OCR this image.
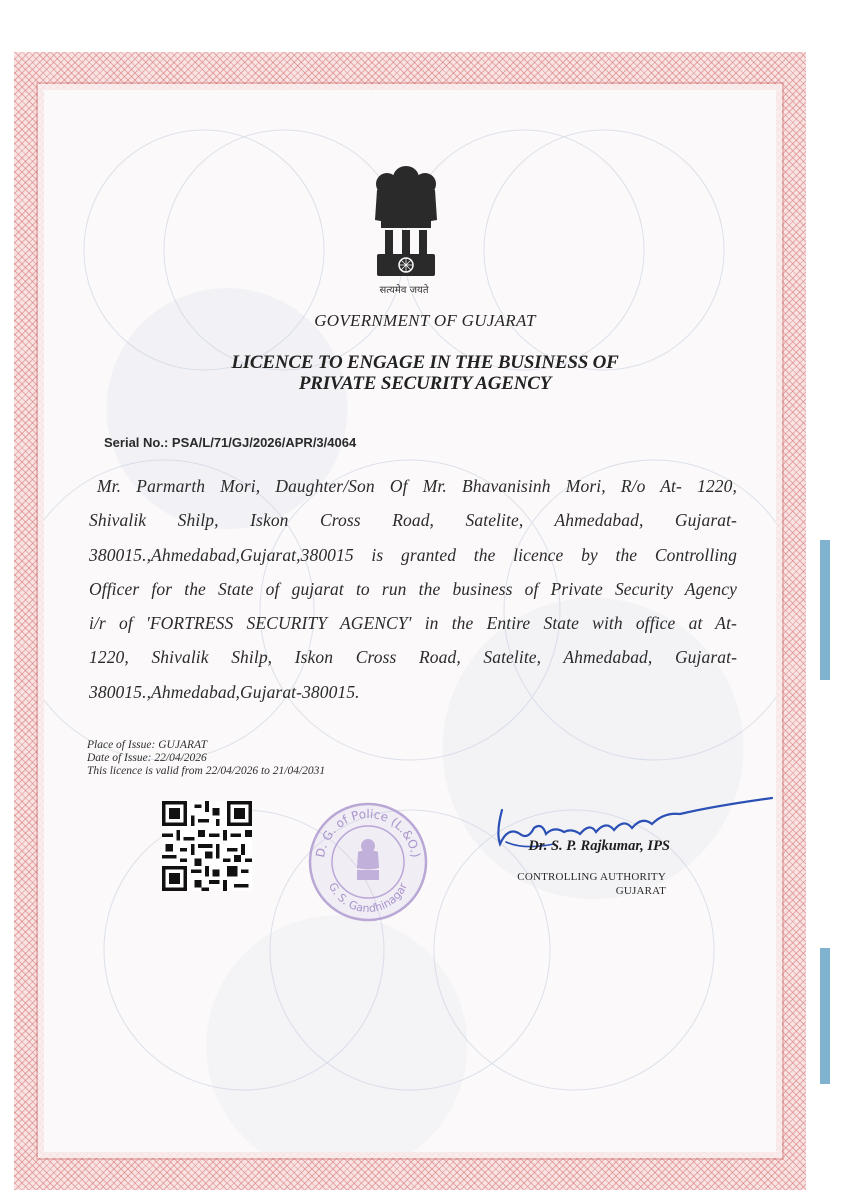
सत्यमेव जयते
GOVERNMENT OF GUJARAT
LICENCE TO ENGAGE IN THE BUSINESS OF
PRIVATE SECURITY AGENCY
Serial No.: PSA/L/71/GJ/2026/APR/3/4064
Mr. Parmarth Mori, Daughter/Son Of Mr. Bhavanisinh Mori, R/o At- 1220,
Shivalik Shilp, Iskon Cross Road, Satelite, Ahmedabad, Gujarat-
380015.,Ahmedabad,Gujarat,380015 is granted the licence by the Controlling
Officer for the State of gujarat to run the business of Private Security Agency
i/r of 'FORTRESS SECURITY AGENCY' in the Entire State with office at At-
1220, Shivalik Shilp, Iskon Cross Road, Satelite, Ahmedabad, Gujarat-
380015.,Ahmedabad,Gujarat-380015.
Place of Issue: GUJARAT
Date of Issue: 22/04/2026
This licence is valid from 22/04/2026 to 21/04/2031
D. G. of Police (L.&O.)
G. S. Gandhinagar
Dr. S. P. Rajkumar, IPS
CONTROLLING AUTHORITY
GUJARAT
